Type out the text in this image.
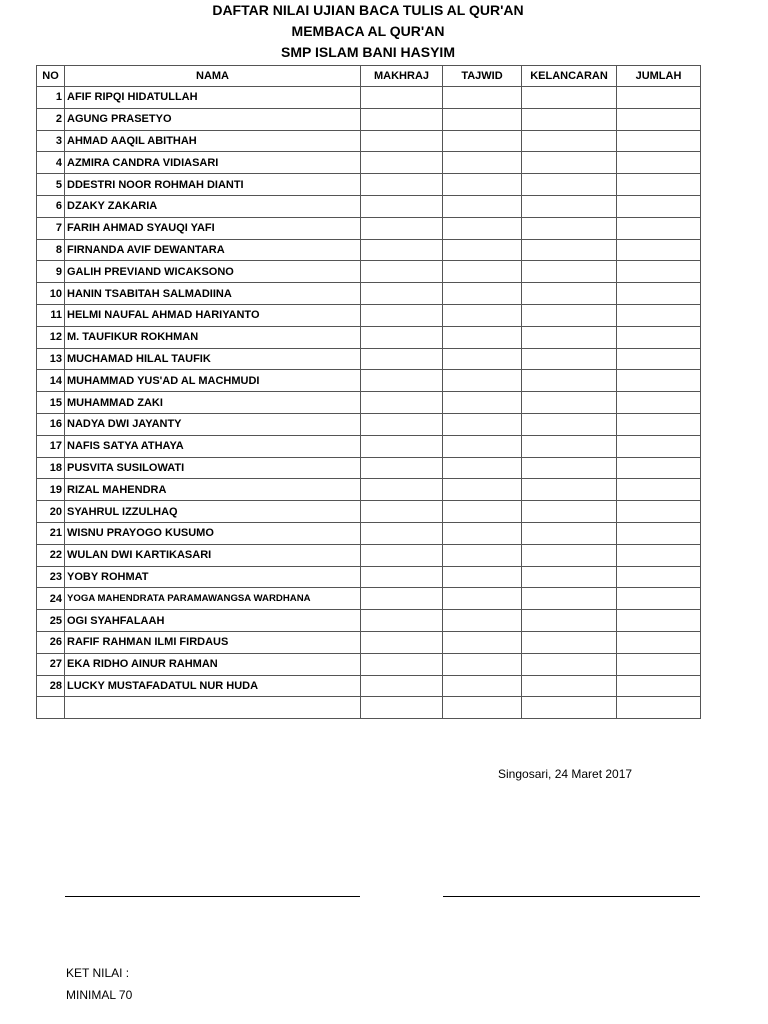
DAFTAR NILAI UJIAN BACA TULIS AL QUR'AN
MEMBACA AL QUR'AN
SMP ISLAM BANI HASYIM
NO	NAMA	MAKHRAJ	TAJWID	KELANCARAN	JUMLAH
1	AFIF RIPQI HIDATULLAH				
2	AGUNG PRASETYO				
3	AHMAD AAQIL ABITHAH				
4	AZMIRA CANDRA VIDIASARI				
5	DDESTRI NOOR ROHMAH DIANTI				
6	DZAKY ZAKARIA				
7	FARIH AHMAD SYAUQI YAFI				
8	FIRNANDA AVIF DEWANTARA				
9	GALIH PREVIAND WICAKSONO				
10	HANIN TSABITAH SALMADIINA				
11	HELMI NAUFAL AHMAD HARIYANTO				
12	M. TAUFIKUR ROKHMAN				
13	MUCHAMAD HILAL TAUFIK				
14	MUHAMMAD YUS'AD AL MACHMUDI				
15	MUHAMMAD ZAKI				
16	NADYA DWI JAYANTY				
17	NAFIS SATYA ATHAYA				
18	PUSVITA SUSILOWATI				
19	RIZAL MAHENDRA				
20	SYAHRUL IZZULHAQ				
21	WISNU PRAYOGO KUSUMO				
22	WULAN DWI KARTIKASARI				
23	YOBY ROHMAT				
24	YOGA MAHENDRATA PARAMAWANGSA WARDHANA				
25	OGI SYAHFALAAH				
26	RAFIF RAHMAN ILMI FIRDAUS				
27	EKA RIDHO AINUR RAHMAN				
28	LUCKY MUSTAFADATUL NUR HUDA				

Singosari, 24 Maret 2017
KET NILAI :
MINIMAL 70
